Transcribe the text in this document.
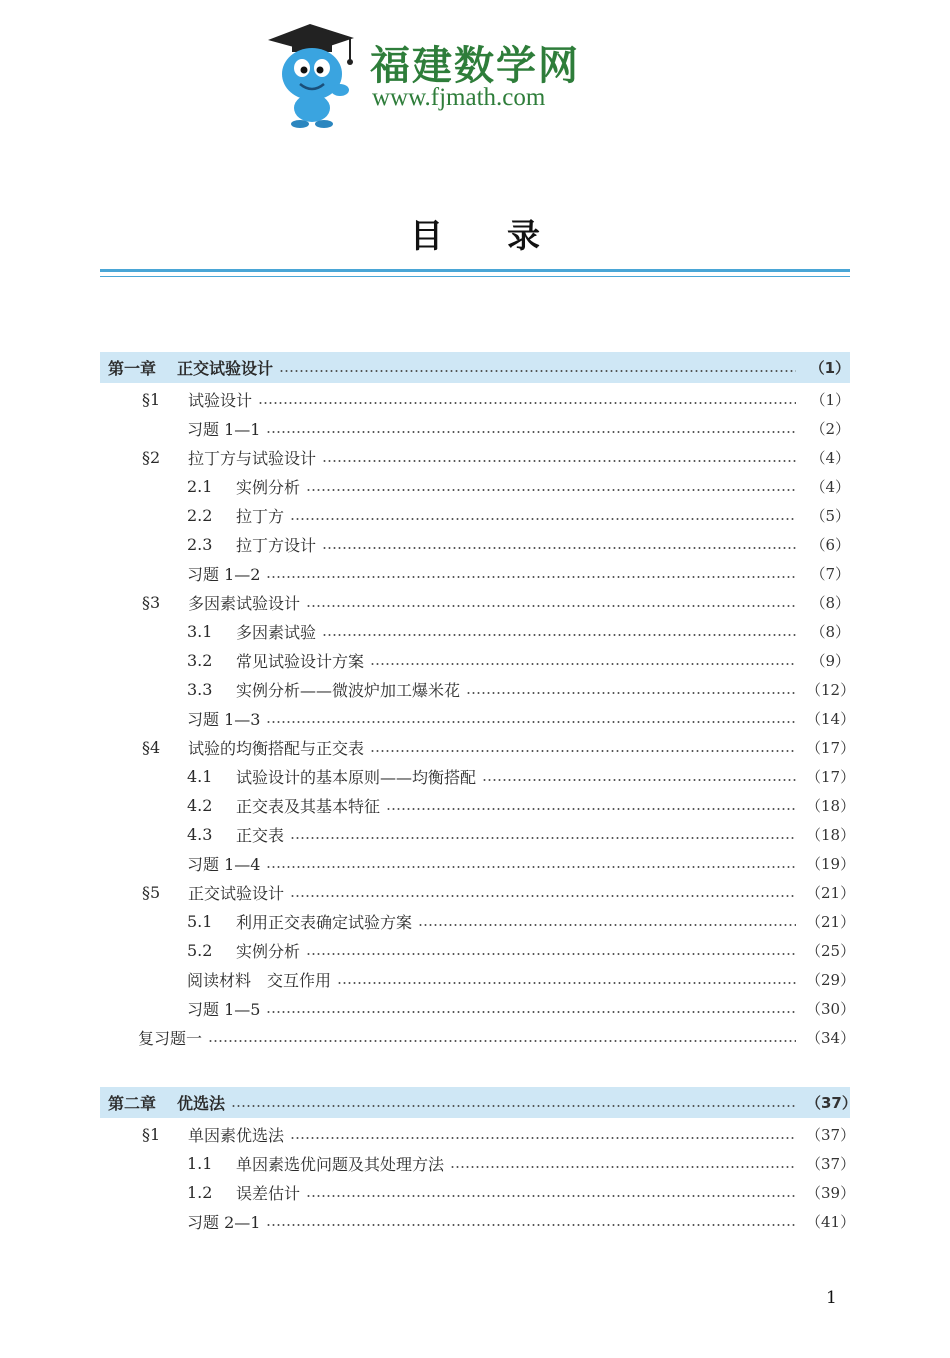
福建数学网
www.fjmath.com
目录
第一章 正交试验设计	（1）
§1	试验设计	（1）
习题 1—1	（2）
§2	拉丁方与试验设计	（4）
2.1	实例分析	（4）
2.2	拉丁方	（5）
2.3	拉丁方设计	（6）
习题 1—2	（7）
§3	多因素试验设计	（8）
3.1	多因素试验	（8）
3.2	常见试验设计方案	（9）
3.3	实例分析——微波炉加工爆米花	（12）
习题 1—3	（14）
§4	试验的均衡搭配与正交表	（17）
4.1	试验设计的基本原则——均衡搭配	（17）
4.2	正交表及其基本特征	（18）
4.3	正交表	（18）
习题 1—4	（19）
§5	正交试验设计	（21）
5.1	利用正交表确定试验方案	（21）
5.2	实例分析	（25）
阅读材料　交互作用	（29）
习题 1—5	（30）
复习题一	（34）
第二章 优选法	（37）
§1	单因素优选法	（37）
1.1	单因素选优问题及其处理方法	（37）
1.2	误差估计	（39）
习题 2—1	（41）
1
